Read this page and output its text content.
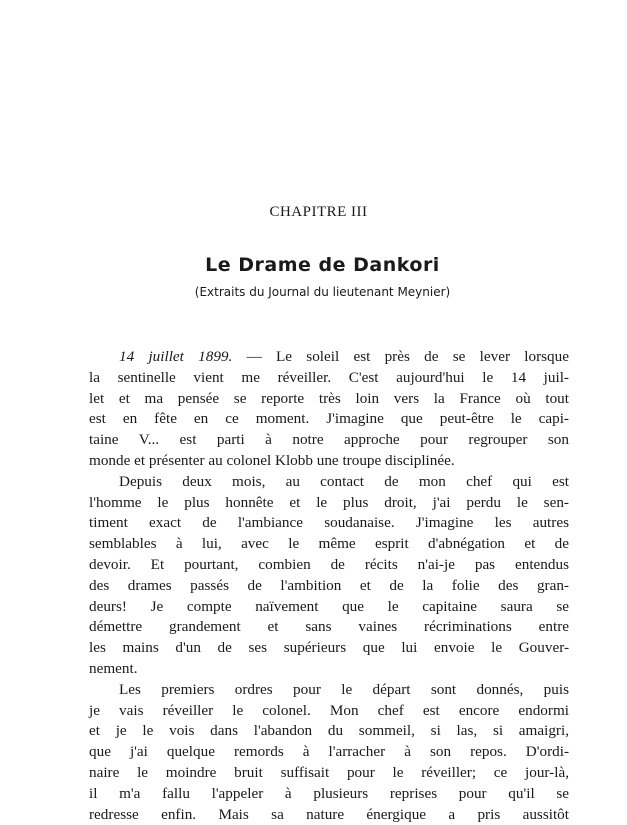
CHAPITRE III
Le Drame de Dankori
(Extraits du Journal du lieutenant Meynier)
14 juillet 1899. — Le soleil est près de se lever lorsque
la sentinelle vient me réveiller. C'est aujourd'hui le 14 juil-
let et ma pensée se reporte très loin vers la France où tout
est en fête en ce moment. J'imagine que peut-être le capi-
taine V... est parti à notre approche pour regrouper son
monde et présenter au colonel Klobb une troupe disciplinée.
Depuis deux mois, au contact de mon chef qui est
l'homme le plus honnête et le plus droit, j'ai perdu le sen-
timent exact de l'ambiance soudanaise. J'imagine les autres
semblables à lui, avec le même esprit d'abnégation et de
devoir. Et pourtant, combien de récits n'ai-je pas entendus
des drames passés de l'ambition et de la folie des gran-
deurs! Je compte naïvement que le capitaine saura se
démettre grandement et sans vaines récriminations entre
les mains d'un de ses supérieurs que lui envoie le Gouver-
nement.
Les premiers ordres pour le départ sont donnés, puis
je vais réveiller le colonel. Mon chef est encore endormi
et je le vois dans l'abandon du sommeil, si las, si amaigri,
que j'ai quelque remords à l'arracher à son repos. D'ordi-
naire le moindre bruit suffisait pour le réveiller; ce jour-là,
il m'a fallu l'appeler à plusieurs reprises pour qu'il se
redresse enfin. Mais sa nature énergique a pris aussitôt
